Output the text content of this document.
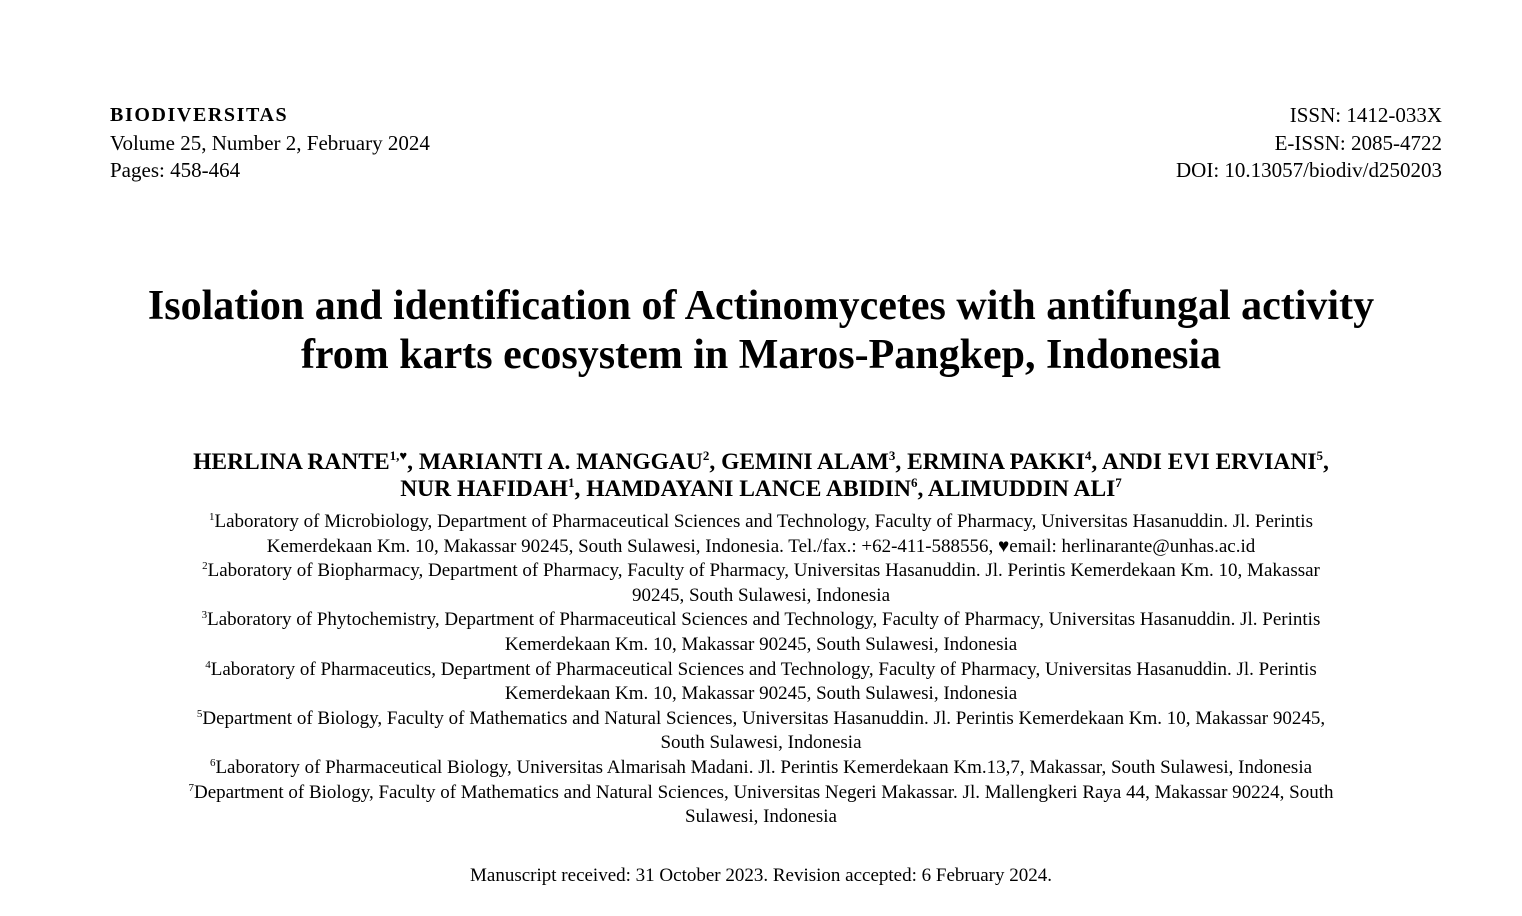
BIODIVERSITAS
Volume 25, Number 2, February 2024
Pages: 458-464
ISSN: 1412-033X
E-ISSN: 2085-4722
DOI: 10.13057/biodiv/d250203
Isolation and identification of Actinomycetes with antifungal activity
from karts ecosystem in Maros-Pangkep, Indonesia
HERLINA $RANTE^{1,♥}$, MARIANTI A. MANGGAU$^2$, GEMINI ALAM$^3$, ERMINA PAKKI$^4$, ANDI EVI ERVIANI$^5$,
NUR HAFIDAH$^1$, HAMDAYANI LANCE ABIDIN$^6$, ALIMUDDIN ALI$^7$

$^1$Laboratory of Microbiology, Department of Pharmaceutical Sciences and Technology, Faculty of Pharmacy, Universitas Hasanuddin. Jl. Perintis
Kemerdekaan Km. 10, Makassar 90245, South Sulawesi, Indonesia. Tel./fax.: +62-411-588556, ♥email: herlinarante@unhas.ac.id

$^2$Laboratory of Biopharmacy, Department of Pharmacy, Faculty of Pharmacy, Universitas Hasanuddin. Jl. Perintis Kemerdekaan Km. 10, Makassar
90245, South Sulawesi, Indonesia

$^3$Laboratory of Phytochemistry, Department of Pharmaceutical Sciences and Technology, Faculty of Pharmacy, Universitas Hasanuddin. Jl. Perintis
Kemerdekaan Km. 10, Makassar 90245, South Sulawesi, Indonesia

$^4$Laboratory of Pharmaceutics, Department of Pharmaceutical Sciences and Technology, Faculty of Pharmacy, Universitas Hasanuddin. Jl. Perintis
Kemerdekaan Km. 10, Makassar 90245, South Sulawesi, Indonesia

$^5$Department of Biology, Faculty of Mathematics and Natural Sciences, Universitas Hasanuddin. Jl. Perintis Kemerdekaan Km. 10, Makassar 90245,
South Sulawesi, Indonesia

$^6$Laboratory of Pharmaceutical Biology, Universitas Almarisah Madani. Jl. Perintis Kemerdekaan Km.13,7, Makassar, South Sulawesi, Indonesia

$^7$Department of Biology, Faculty of Mathematics and Natural Sciences, Universitas Negeri Makassar. Jl. Mallengkeri Raya 44, Makassar 90224, South
Sulawesi, Indonesia

Manuscript received: 31 October 2023. Revision accepted: 6 February 2024.
